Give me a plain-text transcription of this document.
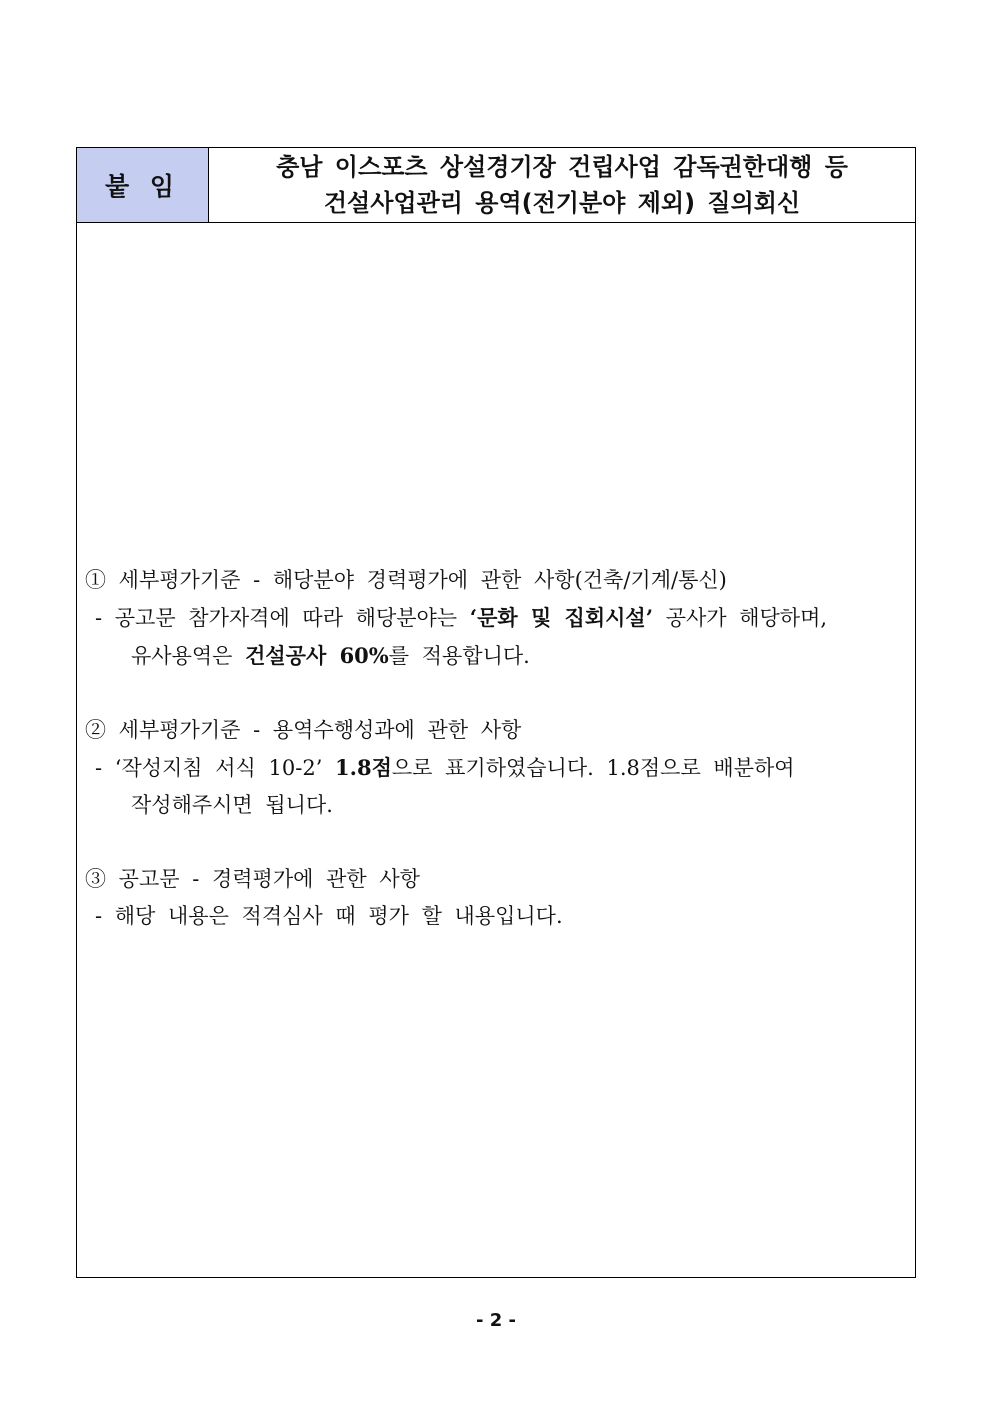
붙 임
충남 이스포츠 상설경기장 건립사업 감독권한대행 등
건설사업관리 용역(전기분야 제외) 질의회신
① 세부평가기준 - 해당분야 경력평가에 관한 사항(건축/기계/통신)
- 공고문 참가자격에 따라 해당분야는 ‘문화 및 집회시설’ 공사가 해당하며,
유사용역은 건설공사 60%를 적용합니다.
② 세부평가기준 - 용역수행성과에 관한 사항
- ‘작성지침 서식 10-2’ 1.8점으로 표기하였습니다. 1.8점으로 배분하여
작성해주시면 됩니다.
③ 공고문 - 경력평가에 관한 사항
- 해당 내용은 적격심사 때 평가 할 내용입니다.
- 2 -
